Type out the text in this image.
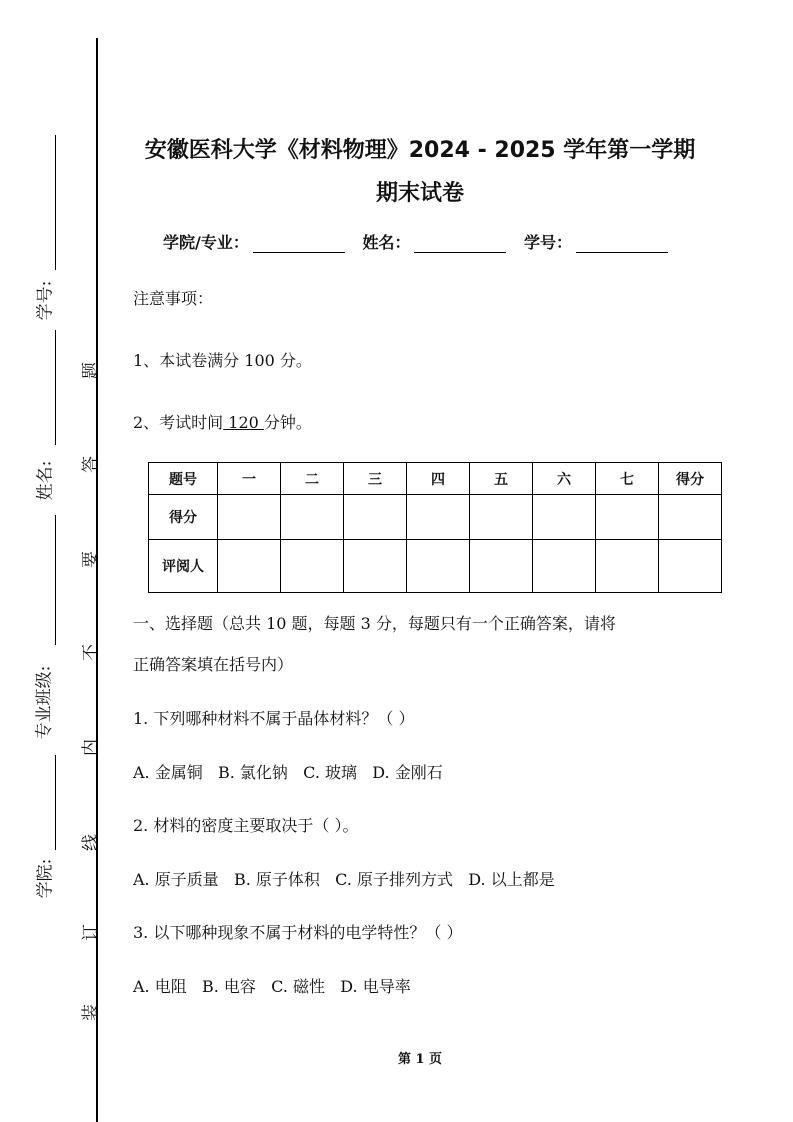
学号:
姓名:
专业班级:
学院:
装
订
线
内
不
要
答
题
安徽医科大学《材料物理》2024 - 2025 学年第一学期
期末试卷
学院/专业：	姓名：	学号：
注意事项：
1、本试卷满分 100 分。
2、考试时间 120 分钟。
题号	一	二	三	四	五	六	七	得分
得分								
评阅人								
一、选择题（总共 10 题，每题 3 分，每题只有一个正确答案，请将
正确答案填在括号内）
1. 下列哪种材料不属于晶体材料？（ ）
A. 金属铜   B. 氯化钠   C. 玻璃   D. 金刚石
2. 材料的密度主要取决于（ ）。
A. 原子质量   B. 原子体积   C. 原子排列方式   D. 以上都是
3. 以下哪种现象不属于材料的电学特性？（ ）
A. 电阻   B. 电容   C. 磁性   D. 电导率
第 1 页
